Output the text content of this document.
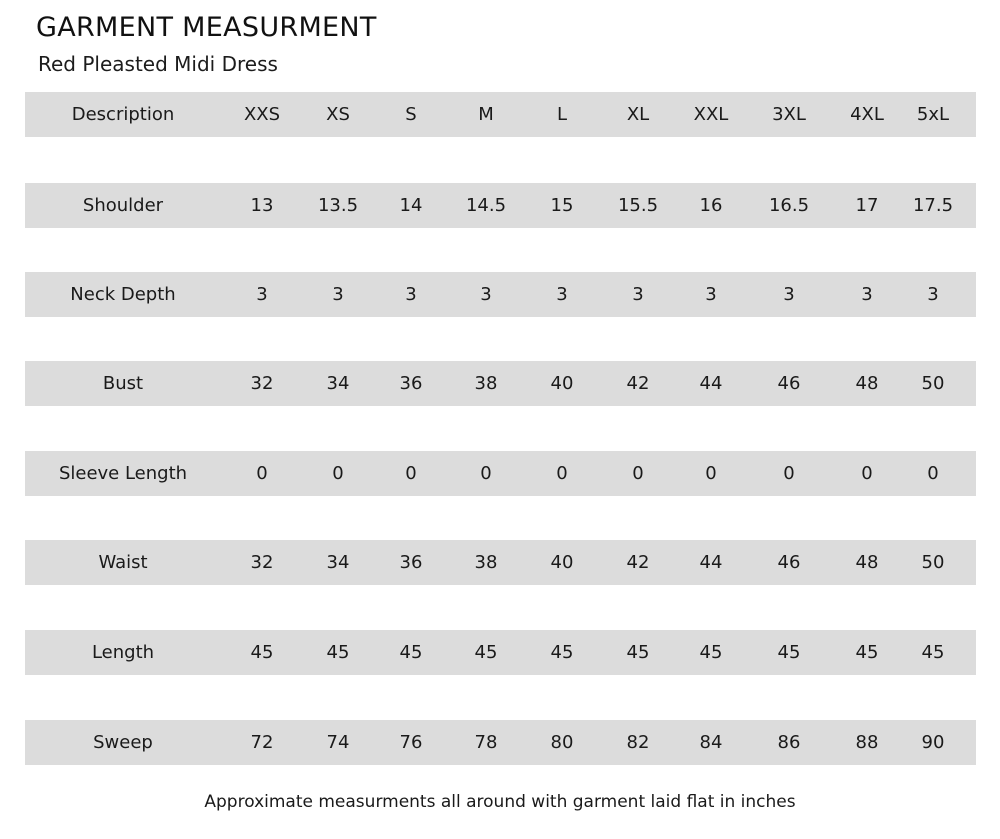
GARMENT MEASURMENT
Red Pleasted Midi Dress
Description	XXS	XS	S	M	L	XL	XXL	3XL	4XL	5xL
Shoulder	13	13.5	14	14.5	15	15.5	16	16.5	17	17.5
Neck Depth	3	3	3	3	3	3	3	3	3	3
Bust	32	34	36	38	40	42	44	46	48	50
Sleeve Length	0	0	0	0	0	0	0	0	0	0
Waist	32	34	36	38	40	42	44	46	48	50
Length	45	45	45	45	45	45	45	45	45	45
Sweep	72	74	76	78	80	82	84	86	88	90
Approximate measurments all around with garment laid flat in inches
